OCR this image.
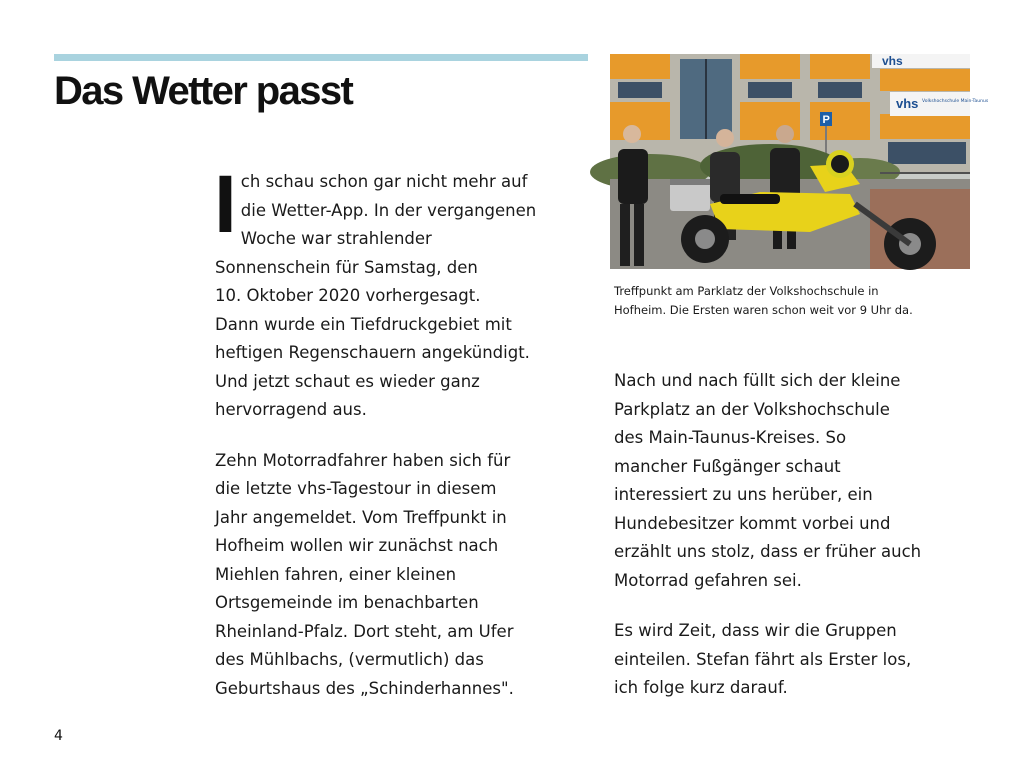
Das Wetter passt
I ch schau schon gar nicht mehr auf
die Wetter-App. In der vergangenen
Woche war strahlender
Sonnenschein für Samstag, den
10. Oktober 2020 vorhergesagt.
Dann wurde ein Tiefdruckgebiet mit
heftigen Regenschauern angekündigt.
Und jetzt schaut es wieder ganz
hervorragend aus.
Zehn Motorradfahrer haben sich für
die letzte vhs-Tagestour in diesem
Jahr angemeldet. Vom Treffpunkt in
Hofheim wollen wir zunächst nach
Miehlen fahren, einer kleinen
Ortsgemeinde im benachbarten
Rheinland-Pfalz. Dort steht, am Ufer
des Mühlbachs, (vermutlich) das
Geburtshaus des „Schinderhannes".
vhs
vhs Volkshochschule Main-Taunus
P
Treffpunkt am Parklatz der Volkshochschule in
Hofheim. Die Ersten waren schon weit vor 9 Uhr da.
Nach und nach füllt sich der kleine
Parkplatz an der Volkshochschule
des Main-Taunus-Kreises. So
mancher Fußgänger schaut
interessiert zu uns herüber, ein
Hundebesitzer kommt vorbei und
erzählt uns stolz, dass er früher auch
Motorrad gefahren sei.
Es wird Zeit, dass wir die Gruppen
einteilen. Stefan fährt als Erster los,
ich folge kurz darauf.
4
